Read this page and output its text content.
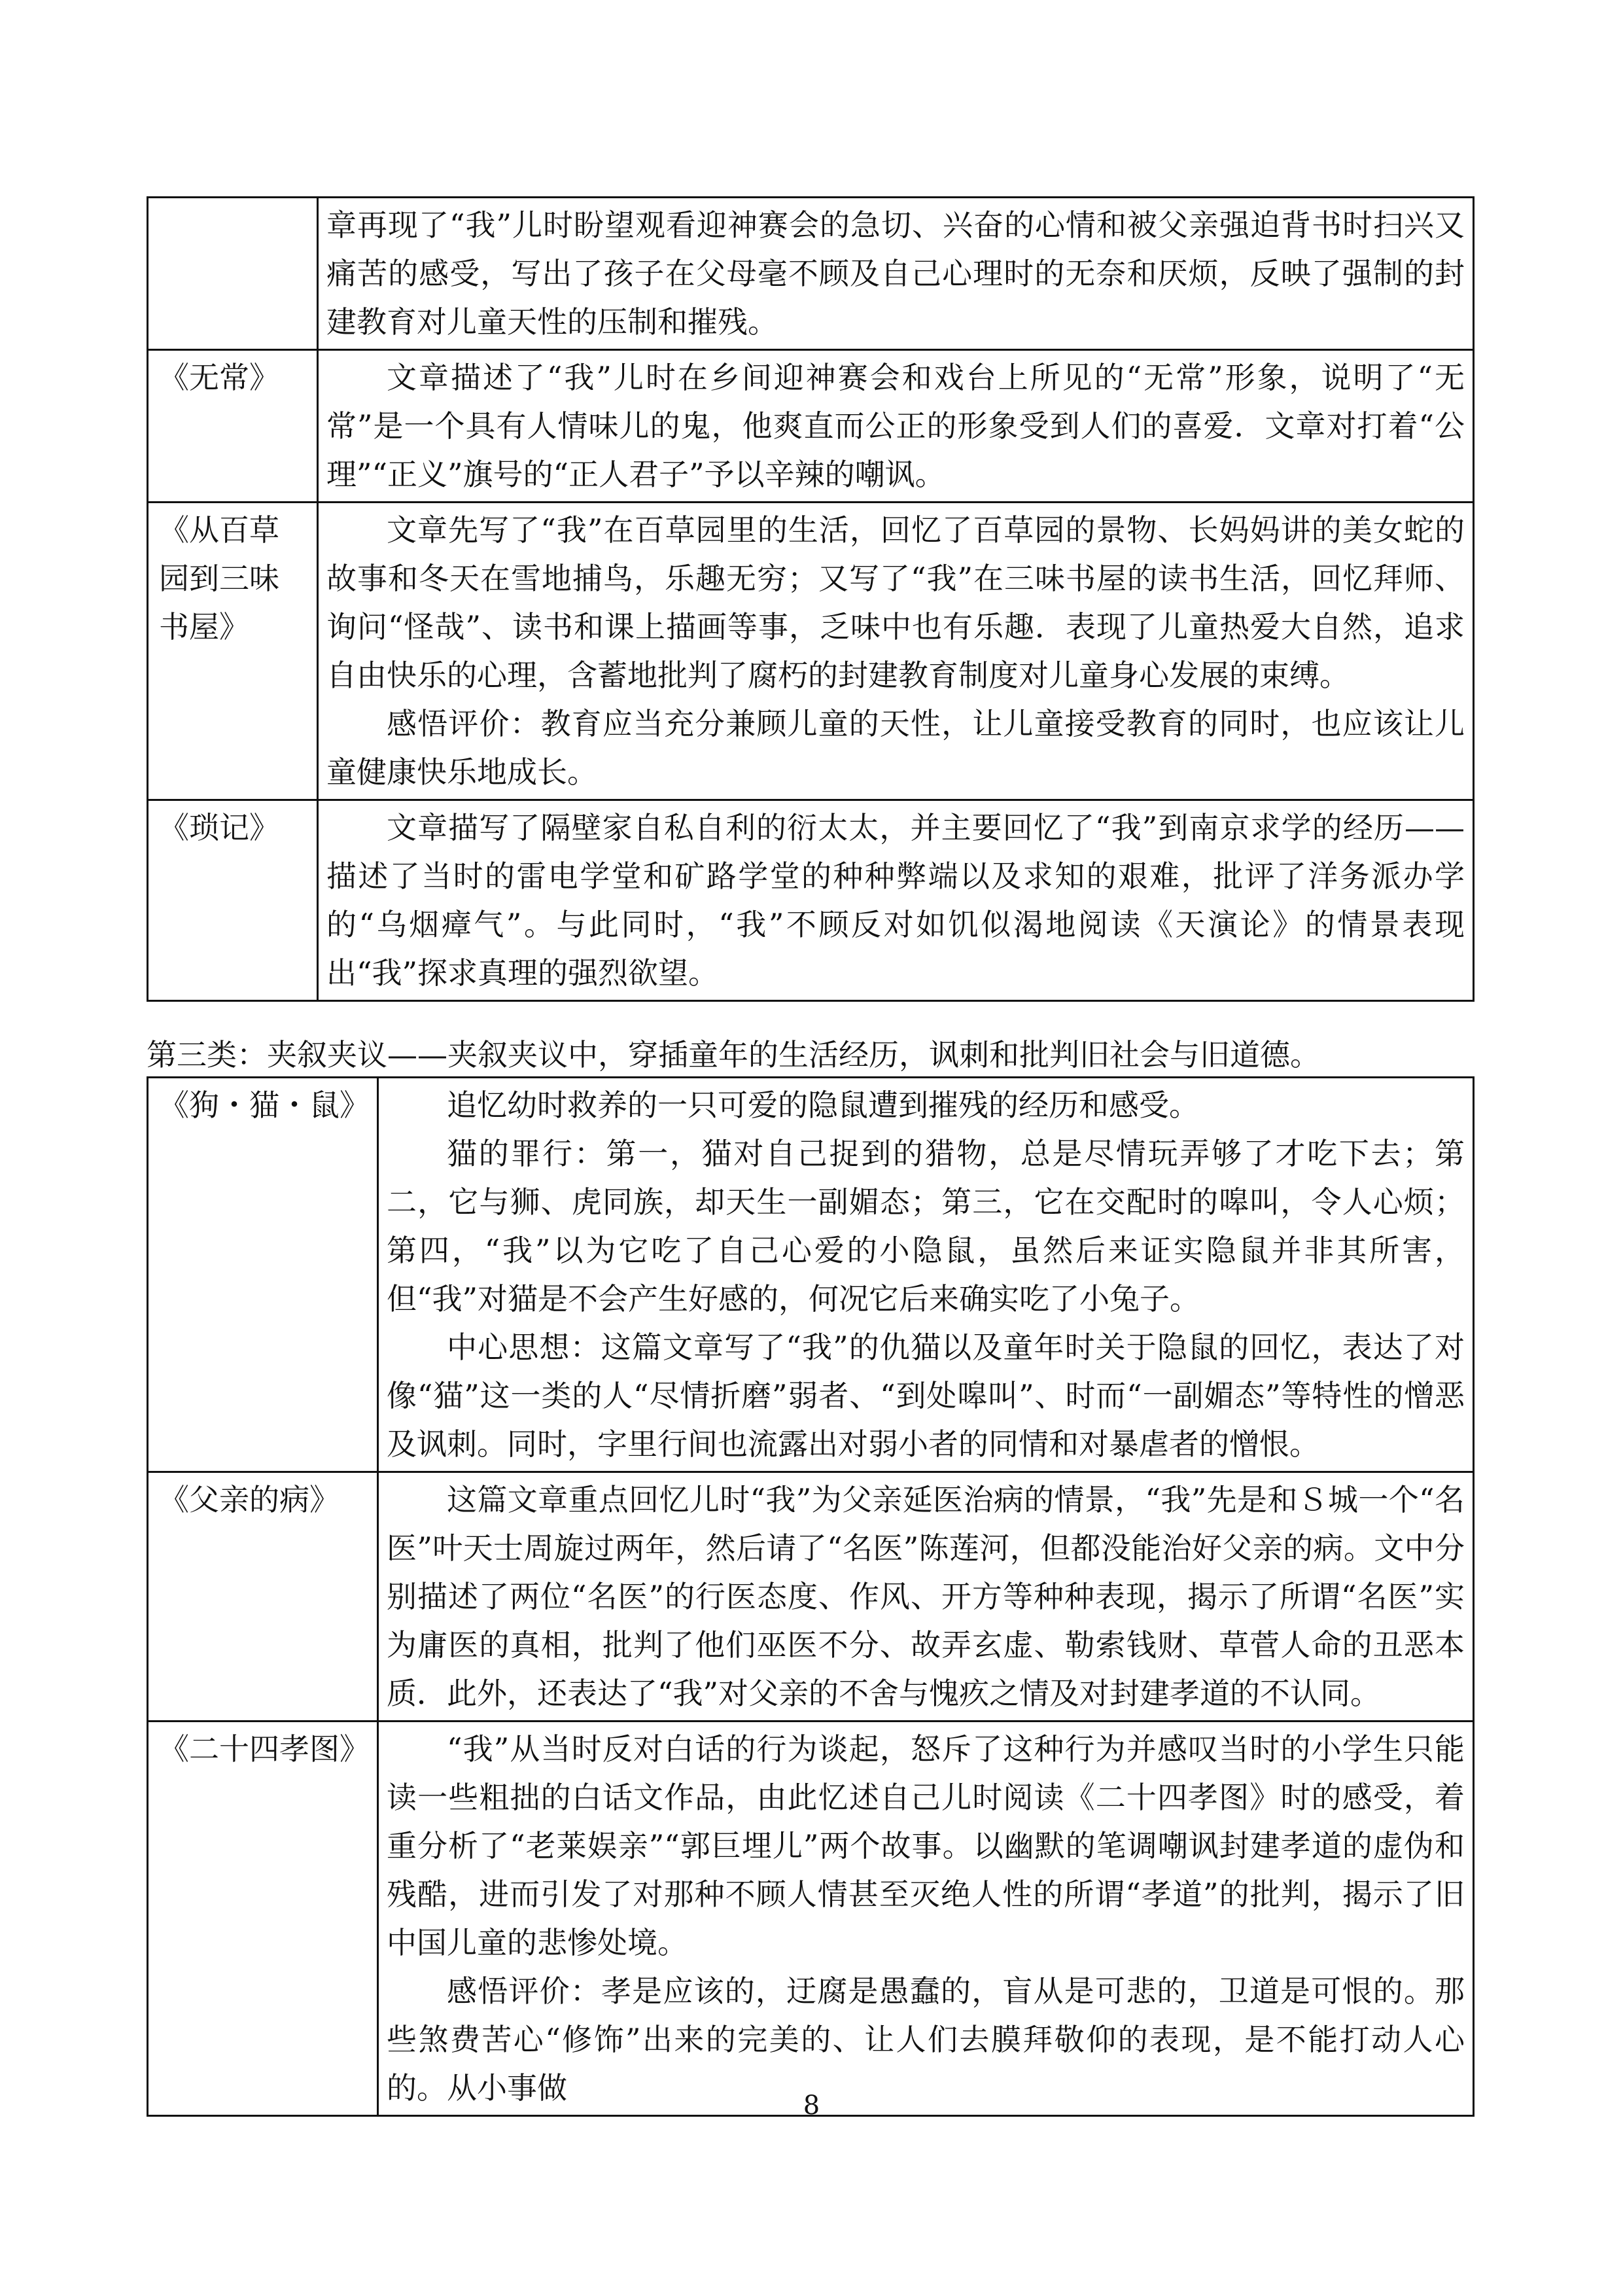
	章再现了“我”儿时盼望观看迎神赛会的急切、兴奋的心情和被父亲强迫背书时扫兴又痛苦的感受，写出了孩子在父母毫不顾及自己心理时的无奈和厌烦，反映了强制的封建教育对儿童天性的压制和摧残。

《无常》	文章描述了“我”儿时在乡间迎神赛会和戏台上所见的“无常”形象，说明了“无常”是一个具有人情味儿的鬼，他爽直而公正的形象受到人们的喜爱．文章对打着“公理”“正义”旗号的“正人君子”予以辛辣的嘲讽。

《从百草园到三味书屋》	文章先写了“我”在百草园里的生活，回忆了百草园的景物、长妈妈讲的美女蛇的故事和冬天在雪地捕鸟，乐趣无穷；又写了“我”在三味书屋的读书生活，回忆拜师、询问“怪哉”、读书和课上描画等事，乏味中也有乐趣．表现了儿童热爱大自然，追求自由快乐的心理，含蓄地批判了腐朽的封建教育制度对儿童身心发展的束缚。

感悟评价：教育应当充分兼顾儿童的天性，让儿童接受教育的同时，也应该让儿童健康快乐地成长。

《琐记》	文章描写了隔壁家自私自利的衍太太，并主要回忆了“我”到南京求学的经历——描述了当时的雷电学堂和矿路学堂的种种弊端以及求知的艰难，批评了洋务派办学的“乌烟瘴气”。与此同时，“我”不顾反对如饥似渴地阅读《天演论》的情景表现出“我”探求真理的强烈欲望。

第三类：夹叙夹议——夹叙夹议中，穿插童年的生活经历，讽刺和批判旧社会与旧道德。
《狗・猫・鼠》	追忆幼时救养的一只可爱的隐鼠遭到摧残的经历和感受。

猫的罪行：第一，猫对自己捉到的猎物，总是尽情玩弄够了才吃下去；第二，它与狮、虎同族，却天生一副媚态；第三，它在交配时的嗥叫，令人心烦；第四，“我”以为它吃了自己心爱的小隐鼠，虽然后来证实隐鼠并非其所害，但“我”对猫是不会产生好感的，何况它后来确实吃了小兔子。

中心思想：这篇文章写了“我”的仇猫以及童年时关于隐鼠的回忆，表达了对像“猫”这一类的人“尽情折磨”弱者、“到处嗥叫”、时而“一副媚态”等特性的憎恶及讽刺。同时，字里行间也流露出对弱小者的同情和对暴虐者的憎恨。

《父亲的病》	这篇文章重点回忆儿时“我”为父亲延医治病的情景，“我”先是和Ｓ城一个“名医”叶天士周旋过两年，然后请了“名医”陈莲河，但都没能治好父亲的病。文中分别描述了两位“名医”的行医态度、作风、开方等种种表现，揭示了所谓“名医”实为庸医的真相，批判了他们巫医不分、故弄玄虚、勒索钱财、草菅人命的丑恶本质．此外，还表达了“我”对父亲的不舍与愧疚之情及对封建孝道的不认同。

《二十四孝图》	“我”从当时反对白话的行为谈起，怒斥了这种行为并感叹当时的小学生只能读一些粗拙的白话文作品，由此忆述自己儿时阅读《二十四孝图》时的感受，着重分析了“老莱娱亲”“郭巨埋儿”两个故事。以幽默的笔调嘲讽封建孝道的虚伪和残酷，进而引发了对那种不顾人情甚至灭绝人性的所谓“孝道”的批判，揭示了旧中国儿童的悲惨处境。

感悟评价：孝是应该的，迂腐是愚蠢的，盲从是可悲的，卫道是可恨的。那些煞费苦心“修饰”出来的完美的、让人们去膜拜敬仰的表现，是不能打动人心的。从小事做	8
